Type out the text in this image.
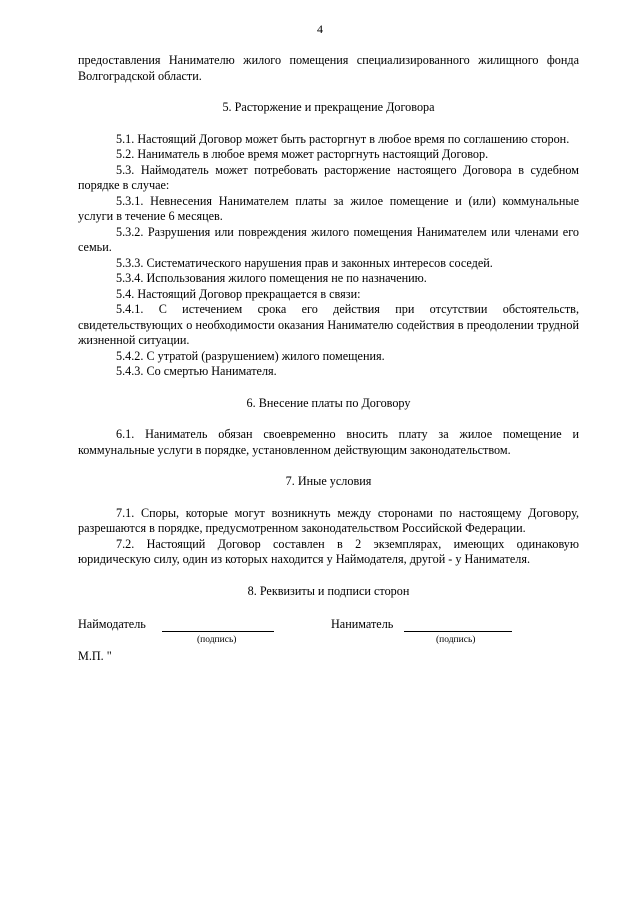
4

предоставления Нанимателю жилого помещения специализированного жилищного фонда Волгоградской области.

5. Расторжение и прекращение Договора

5.1. Настоящий Договор может быть расторгнут в любое время по соглашению сторон.

5.2. Наниматель в любое время может расторгнуть настоящий Договор.

5.3. Наймодатель может потребовать расторжение настоящего Договора в судебном порядке в случае:

5.3.1. Невнесения Нанимателем платы за жилое помещение и (или) коммунальные услуги в течение 6 месяцев.

5.3.2. Разрушения или повреждения жилого помещения Нанимателем или членами его семьи.

5.3.3. Систематического нарушения прав и законных интересов соседей.

5.3.4. Использования жилого помещения не по назначению.

5.4. Настоящий Договор прекращается в связи:

5.4.1. С истечением срока его действия при отсутствии обстоятельств, свидетельствующих о необходимости оказания Нанимателю содействия в преодолении трудной жизненной ситуации.

5.4.2. С утратой (разрушением) жилого помещения.

5.4.3. Со смертью Нанимателя.

6. Внесение платы по Договору

6.1. Наниматель обязан своевременно вносить плату за жилое помещение и коммунальные услуги в порядке, установленном действующим законодательством.

7. Иные условия

7.1. Споры, которые могут возникнуть между сторонами по настоящему Договору, разрешаются в порядке, предусмотренном законодательством Российской Федерации.

7.2. Настоящий Договор составлен в 2 экземплярах, имеющих одинаковую юридическую силу, один из которых находится у Наймодателя, другой - у Нанимателя.

8. Реквизиты и подписи сторон
Наймодатель	Наниматель
(подпись)	(подпись)
М.П. "
